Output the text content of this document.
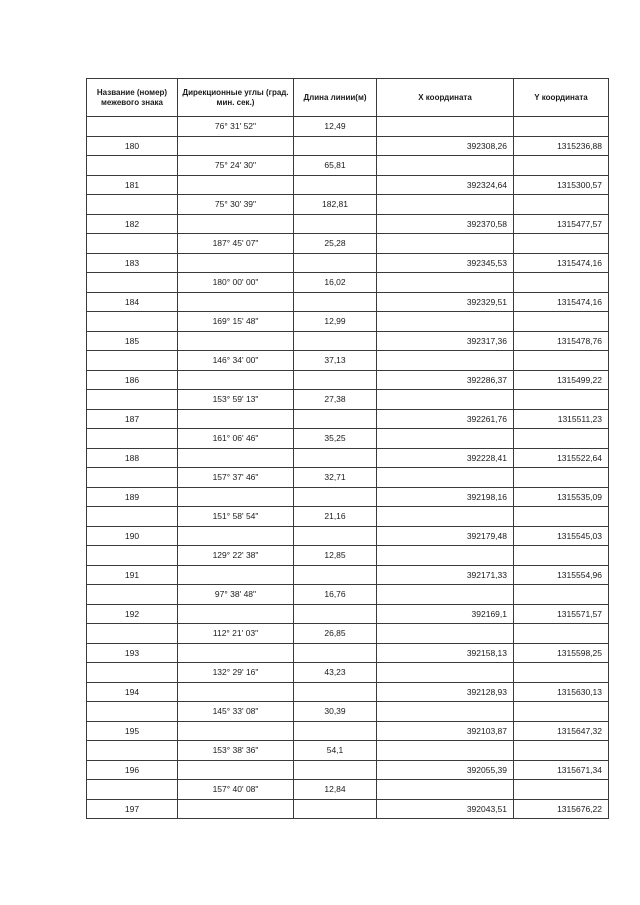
Название (номер) межевого знака	Дирекционные углы (град. мин. сек.)	Длина линии(м)	X координата	Y координата
	76° 31' 52"	12,49		
180			392308,26	1315236,88
	75° 24' 30"	65,81		
181			392324,64	1315300,57
	75° 30' 39"	182,81		
182			392370,58	1315477,57
	187° 45' 07"	25,28		
183			392345,53	1315474,16
	180° 00' 00"	16,02		
184			392329,51	1315474,16
	169° 15' 48"	12,99		
185			392317,36	1315478,76
	146° 34' 00"	37,13		
186			392286,37	1315499,22
	153° 59' 13"	27,38		
187			392261,76	1315511,23
	161° 06' 46"	35,25		
188			392228,41	1315522,64
	157° 37' 46"	32,71		
189			392198,16	1315535,09
	151° 58' 54"	21,16		
190			392179,48	1315545,03
	129° 22' 38"	12,85		
191			392171,33	1315554,96
	97° 38' 48"	16,76		
192			392169,1	1315571,57
	112° 21' 03"	26,85		
193			392158,13	1315598,25
	132° 29' 16"	43,23		
194			392128,93	1315630,13
	145° 33' 08"	30,39		
195			392103,87	1315647,32
	153° 38' 36"	54,1		
196			392055,39	1315671,34
	157° 40' 08"	12,84		
197			392043,51	1315676,22
